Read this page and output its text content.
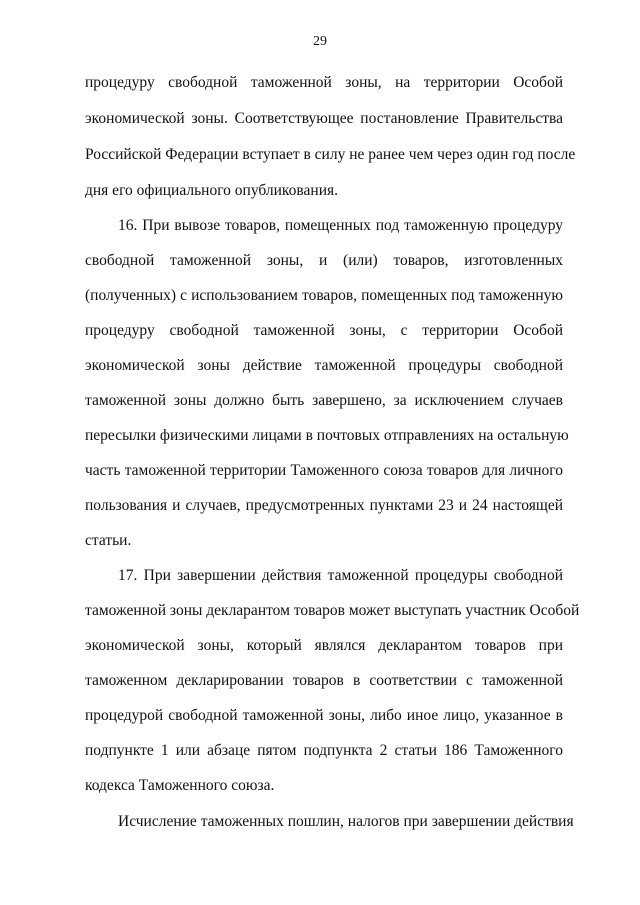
29
процедуру свободной таможенной зоны, на территории Особой
экономической зоны. Соответствующее постановление Правительства
Российской Федерации вступает в силу не ранее чем через один год после
дня его официального опубликования.
16. При вывозе товаров, помещенных под таможенную процедуру
свободной таможенной зоны, и (или) товаров, изготовленных
(полученных) с использованием товаров, помещенных под таможенную
процедуру свободной таможенной зоны, с территории Особой
экономической зоны действие таможенной процедуры свободной
таможенной зоны должно быть завершено, за исключением случаев
пересылки физическими лицами в почтовых отправлениях на остальную
часть таможенной территории Таможенного союза товаров для личного
пользования и случаев, предусмотренных пунктами 23 и 24 настоящей
статьи.
17. При завершении действия таможенной процедуры свободной
таможенной зоны декларантом товаров может выступать участник Особой
экономической зоны, который являлся декларантом товаров при
таможенном декларировании товаров в соответствии с таможенной
процедурой свободной таможенной зоны, либо иное лицо, указанное в
подпункте 1 или абзаце пятом подпункта 2 статьи 186 Таможенного
кодекса Таможенного союза.
Исчисление таможенных пошлин, налогов при завершении действия
